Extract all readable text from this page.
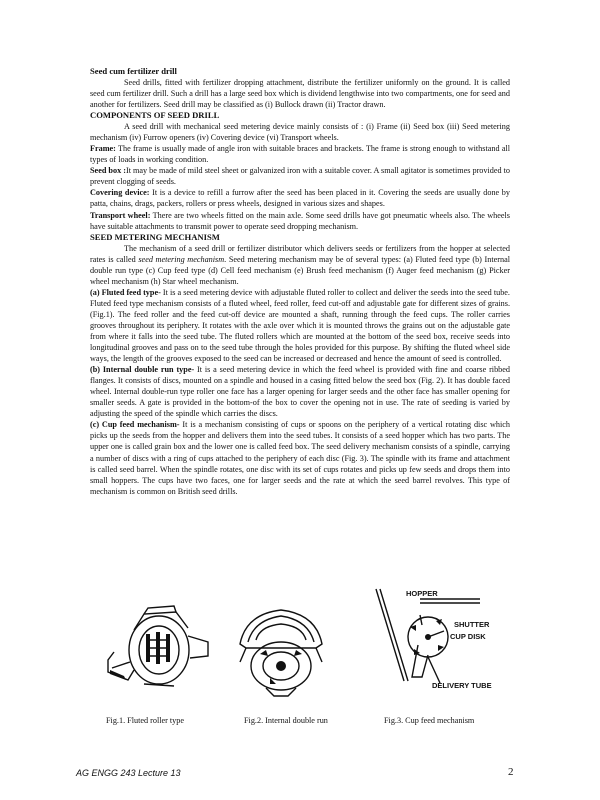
Seed cum fertilizer drill

Seed drills, fitted with fertilizer dropping attachment, distribute the fertilizer uniformly on the ground. It is called seed cum fertilizer drill. Such a drill has a large seed box which is dividend lengthwise into two compartments, one for seed and another for fertilizers. Seed drill may be classified as (i) Bullock drawn (ii) Tractor drawn.

COMPONENTS OF SEED DRILL

A seed drill with mechanical seed metering device mainly consists of : (i) Frame (ii) Seed box (iii) Seed metering mechanism (iv) Furrow openers (iv) Covering device (vi) Transport wheels.

Frame: The frame is usually made of angle iron with suitable braces and brackets. The frame is strong enough to withstand all types of loads in working condition.

Seed box :It may be made of mild steel sheet or galvanized iron with a suitable cover. A small agitator is sometimes provided to prevent clogging of seeds.

Covering device: It is a device to refill a furrow after the seed has been placed in it. Covering the seeds are usually done by patta, chains, drags, packers, rollers or press wheels, designed in various sizes and shapes.

Transport wheel: There are two wheels fitted on the main axle. Some seed drills have got pneumatic wheels also. The wheels have suitable attachments to transmit power to operate seed dropping mechanism.

SEED METERING MECHANISM

The mechanism of a seed drill or fertilizer distributor which delivers seeds or fertilizers from the hopper at selected rates is called seed metering mechanism. Seed metering mechanism may be of several types: (a) Fluted feed type (b) Internal double run type (c) Cup feed type (d) Cell feed mechanism (e) Brush feed mechanism (f) Auger feed mechanism (g) Picker wheel mechanism (h) Star wheel mechanism.

(a) Fluted feed type- It is a seed metering device with adjustable fluted roller to collect and deliver the seeds into the seed tube. Fluted feed type mechanism consists of a fluted wheel, feed roller, feed cut-off and adjustable gate for different sizes of grains. (Fig.1). The feed roller and the feed cut-off device are mounted a shaft, running through the feed cups. The roller carries grooves throughout its periphery. It rotates with the axle over which it is mounted throws the grains out on the adjustable gate from where it falls into the seed tube. The fluted rollers which are mounted at the bottom of the seed box, receive seeds into longitudinal grooves and pass on to the seed tube through the holes provided for this purpose. By shifting the fluted wheel side ways, the length of the grooves exposed to the seed can be increased or decreased and hence the amount of seed is controlled.

(b) Internal double run type- It is a seed metering device in which the feed wheel is provided with fine and coarse ribbed flanges. It consists of discs, mounted on a spindle and housed in a casing fitted below the seed box (Fig. 2). It has double faced wheel. Internal double-run type roller one face has a larger opening for larger seeds and the other face has smaller opening for smaller seeds. A gate is provided in the bottom-of the box to cover the opening not in use. The rate of seeding is varied by adjusting the speed of the spindle which carries the discs.

(c) Cup feed mechanism- It is a mechanism consisting of cups or spoons on the periphery of a vertical rotating disc which picks up the seeds from the hopper and delivers them into the seed tubes. It consists of a seed hopper which has two parts. The upper one is called grain box and the lower one is called feed box. The seed delivery mechanism consists of a spindle, carrying a number of discs with a ring of cups attached to the periphery of each disc (Fig. 3). The spindle with its frame and attachment is called seed barrel. When the spindle rotates, one disc with its set of cups rotates and picks up few seeds and drops them into small hoppers. The cups have two faces, one for larger seeds and the rate at which the seed barrel revolves. This type of mechanism is common on British seed drills.

HOPPER
SHUTTER
CUP DISK
DELIVERY TUBE
Fig.1. Fluted roller type	Fig.2. Internal double run	Fig.3. Cup feed mechanism
AG ENGG 243 Lecture 13	2
